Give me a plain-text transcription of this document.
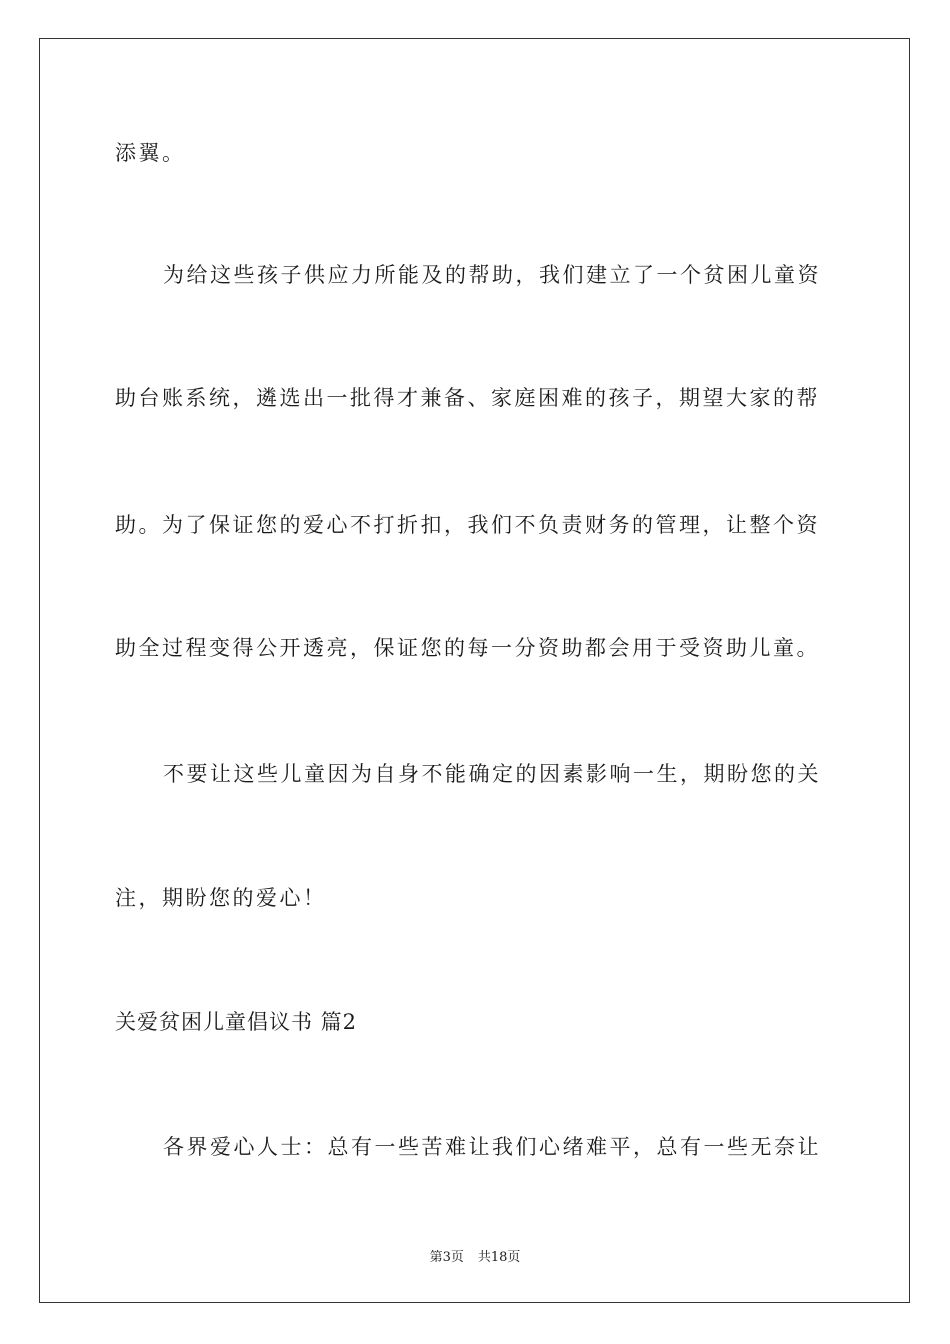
添翼。
为给这些孩子供应力所能及的帮助，我们建立了一个贫困儿童资
助台账系统，遴选出一批得才兼备、家庭困难的孩子，期望大家的帮
助。为了保证您的爱心不打折扣，我们不负责财务的管理，让整个资
助全过程变得公开透亮，保证您的每一分资助都会用于受资助儿童。
不要让这些儿童因为自身不能确定的因素影响一生，期盼您的关
注，期盼您的爱心！
关爱贫困儿童倡议书 篇2
各界爱心人士：总有一些苦难让我们心绪难平，总有一些无奈让
第3页 共18页
